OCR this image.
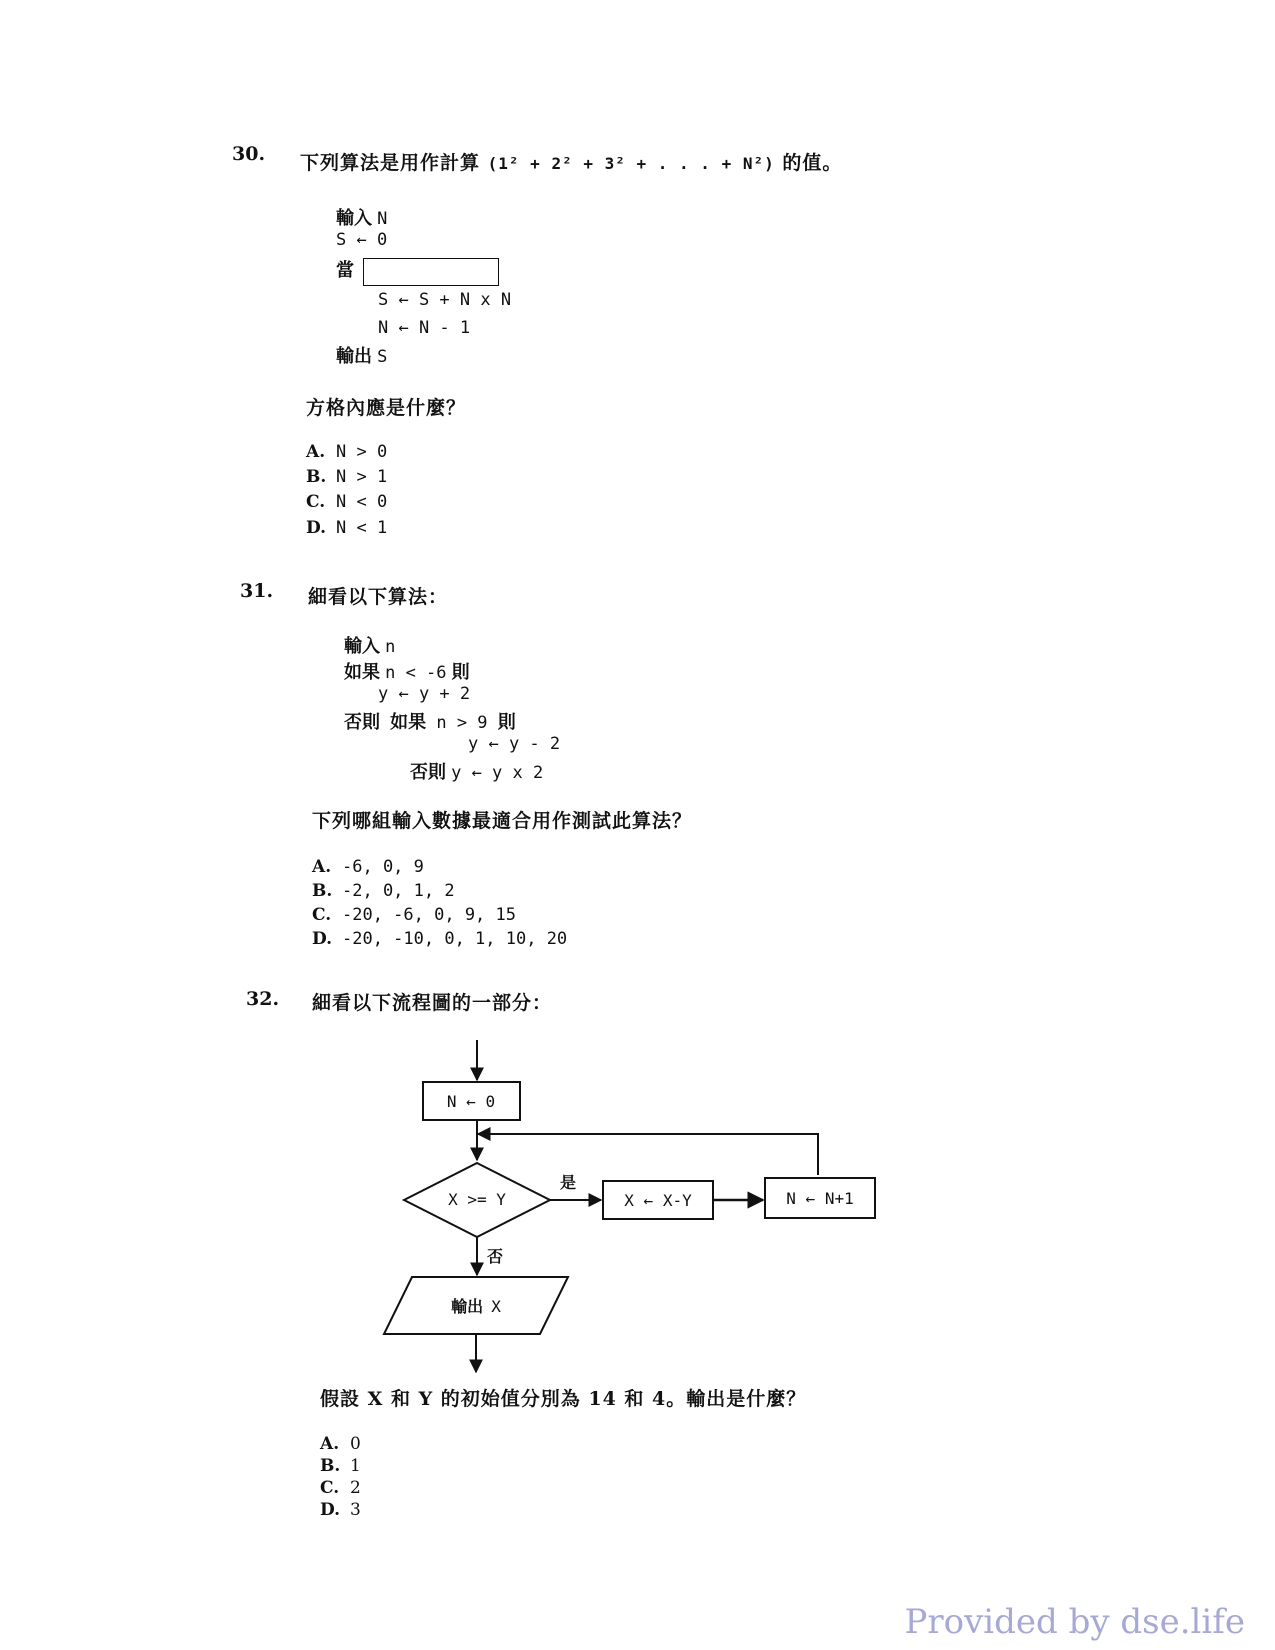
30. 下列算法是用作計算 (1² + 2² + 3² + . . . + N²) 的值。
輸入 N
S ← 0
當
S ← S + N x N
N ← N - 1
輸出 S
方格內應是什麼？
A. N > 0
B. N > 1
C. N < 0
D. N < 1
31. 細看以下算法：
輸入 n
如果 n < -6 則
y ← y + 2
否則 如果 n > 9 則
y ← y - 2
否則 y ← y x 2
下列哪組輸入數據最適合用作測試此算法？
A. -6, 0, 9
B. -2, 0, 1, 2
C. -20, -6, 0, 9, 15
D. -20, -10, 0, 1, 10, 20
32. 細看以下流程圖的一部分：
N ← 0
X >= Y
是
X ← X-Y	N ← N+1
否
輸出 X
假設 X 和 Y 的初始值分別為 14 和 4。輸出是什麼？
A. 0
B. 1
C. 2
D. 3
Provided by dse.life
